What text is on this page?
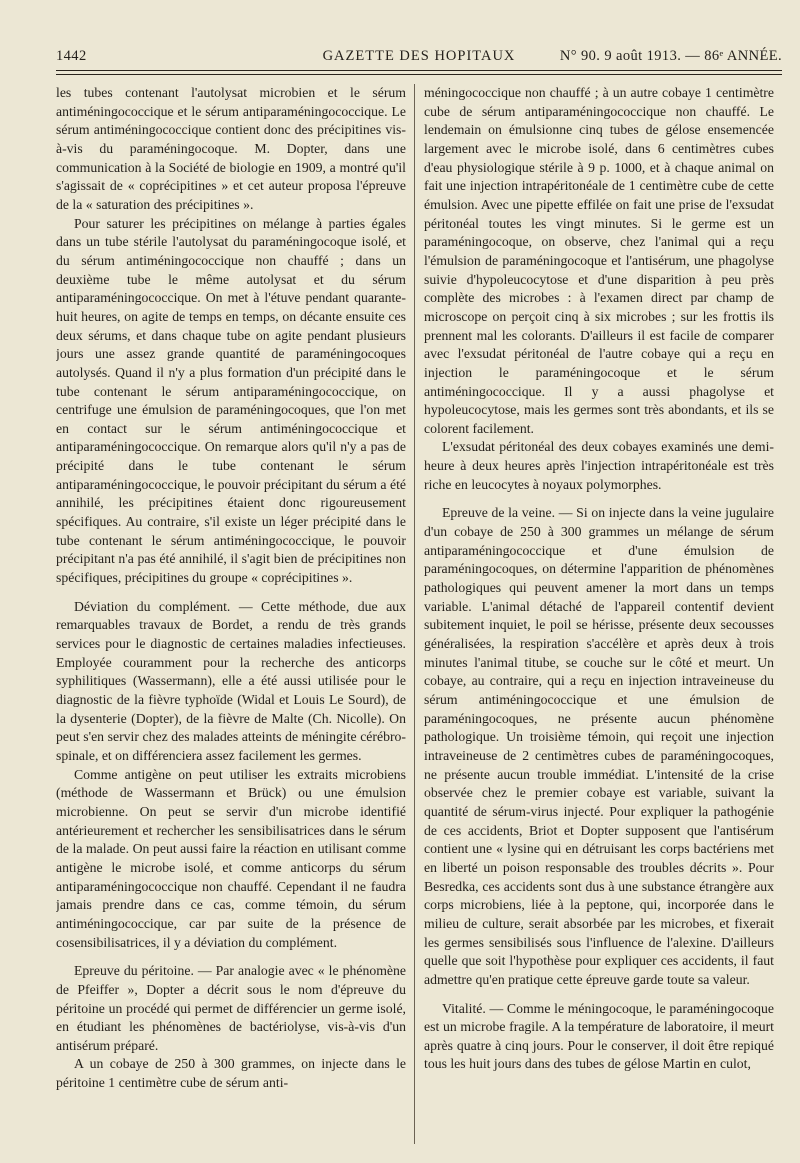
1442	GAZETTE DES HOPITAUX	N° 90. 9 août 1913. — 86ᵉ ANNÉE.

les tubes contenant l'autolysat microbien et le sérum antiméningococcique et le sérum antiparaméningococcique. Le sérum antiméningococcique contient donc des précipitines vis-à-vis du paraméningocoque. M. Dopter, dans une communication à la Société de biologie en 1909, a montré qu'il s'agissait de « coprécipitines » et cet auteur proposa l'épreuve de la « saturation des précipitines ».

Pour saturer les précipitines on mélange à parties égales dans un tube stérile l'autolysat du paraméningocoque isolé, et du sérum antiméningococcique non chauffé ; dans un deuxième tube le même autolysat et du sérum antiparaméningococcique. On met à l'étuve pendant quarante-huit heures, on agite de temps en temps, on décante ensuite ces deux sérums, et dans chaque tube on agite pendant plusieurs jours une assez grande quantité de paraméningocoques autolysés. Quand il n'y a plus formation d'un précipité dans le tube contenant le sérum antiparaméningococcique, on centrifuge une émulsion de paraméningocoques, que l'on met en contact sur le sérum antiméningococcique et antiparaméningococcique. On remarque alors qu'il n'y a pas de précipité dans le tube contenant le sérum antiparaméningococcique, le pouvoir précipitant du sérum a été annihilé, les précipitines étaient donc rigoureusement spécifiques. Au contraire, s'il existe un léger précipité dans le tube contenant le sérum antiméningococcique, le pouvoir précipitant n'a pas été annihilé, il s'agit bien de précipitines non spécifiques, précipitines du groupe « coprécipitines ».

Déviation du complément. — Cette méthode, due aux remarquables travaux de Bordet, a rendu de très grands services pour le diagnostic de certaines maladies infectieuses. Employée couramment pour la recherche des anticorps syphilitiques (Wassermann), elle a été aussi utilisée pour le diagnostic de la fièvre typhoïde (Widal et Louis Le Sourd), de la dysenterie (Dopter), de la fièvre de Malte (Ch. Nicolle). On peut s'en servir chez des malades atteints de méningite cérébro-spinale, et on différenciera assez facilement les germes.

Comme antigène on peut utiliser les extraits microbiens (méthode de Wassermann et Brück) ou une émulsion microbienne. On peut se servir d'un microbe identifié antérieurement et rechercher les sensibilisatrices dans le sérum de la malade. On peut aussi faire la réaction en utilisant comme antigène le microbe isolé, et comme anticorps du sérum antiparaméningococcique non chauffé. Cependant il ne faudra jamais prendre dans ce cas, comme témoin, du sérum antiméningococcique, car par suite de la présence de cosensibilisatrices, il y a déviation du complément.

Epreuve du péritoine. — Par analogie avec « le phénomène de Pfeiffer », Dopter a décrit sous le nom d'épreuve du péritoine un procédé qui permet de différencier un germe isolé, en étudiant les phénomènes de bactériolyse, vis-à-vis d'un antisérum préparé.

A un cobaye de 250 à 300 grammes, on injecte dans le péritoine 1 centimètre cube de sérum anti-

méningococcique non chauffé ; à un autre cobaye 1 centimètre cube de sérum antiparaméningococcique non chauffé. Le lendemain on émulsionne cinq tubes de gélose ensemencée largement avec le microbe isolé, dans 6 centimètres cubes d'eau physiologique stérile à 9 p. 1000, et à chaque animal on fait une injection intrapéritonéale de 1 centimètre cube de cette émulsion. Avec une pipette effilée on fait une prise de l'exsudat péritonéal toutes les vingt minutes. Si le germe est un paraméningocoque, on observe, chez l'animal qui a reçu l'émulsion de paraméningocoque et l'antisérum, une phagolyse suivie d'hypoleucocytose et d'une disparition à peu près complète des microbes : à l'examen direct par champ de microscope on perçoit cinq à six microbes ; sur les frottis ils prennent mal les colorants. D'ailleurs il est facile de comparer avec l'exsudat péritonéal de l'autre cobaye qui a reçu en injection le paraméningocoque et le sérum antiméningococcique. Il y a aussi phagolyse et hypoleucocytose, mais les germes sont très abondants, et ils se colorent facilement.

L'exsudat péritonéal des deux cobayes examinés une demi-heure à deux heures après l'injection intrapéritonéale est très riche en leucocytes à noyaux polymorphes.

Epreuve de la veine. — Si on injecte dans la veine jugulaire d'un cobaye de 250 à 300 grammes un mélange de sérum antiparaméningococcique et d'une émulsion de paraméningocoques, on détermine l'apparition de phénomènes pathologiques qui peuvent amener la mort dans un temps variable. L'animal détaché de l'appareil contentif devient subitement inquiet, le poil se hérisse, présente deux secousses généralisées, la respiration s'accélère et après deux à trois minutes l'animal titube, se couche sur le côté et meurt. Un cobaye, au contraire, qui a reçu en injection intraveineuse du sérum antiméningococcique et une émulsion de paraméningocoques, ne présente aucun phénomène pathologique. Un troisième témoin, qui reçoit une injection intraveineuse de 2 centimètres cubes de paraméningocoques, ne présente aucun trouble immédiat. L'intensité de la crise observée chez le premier cobaye est variable, suivant la quantité de sérum-virus injecté. Pour expliquer la pathogénie de ces accidents, Briot et Dopter supposent que l'antisérum contient une « lysine qui en détruisant les corps bactériens met en liberté un poison responsable des troubles décrits ». Pour Besredka, ces accidents sont dus à une substance étrangère aux corps microbiens, liée à la peptone, qui, incorporée dans le milieu de culture, serait absorbée par les microbes, et fixerait les germes sensibilisés sous l'influence de l'alexine. D'ailleurs quelle que soit l'hypothèse pour expliquer ces accidents, il faut admettre qu'en pratique cette épreuve garde toute sa valeur.

Vitalité. — Comme le méningocoque, le paraméningocoque est un microbe fragile. A la température de laboratoire, il meurt après quatre à cinq jours. Pour le conserver, il doit être repiqué tous les huit jours dans des tubes de gélose Martin en culot,
